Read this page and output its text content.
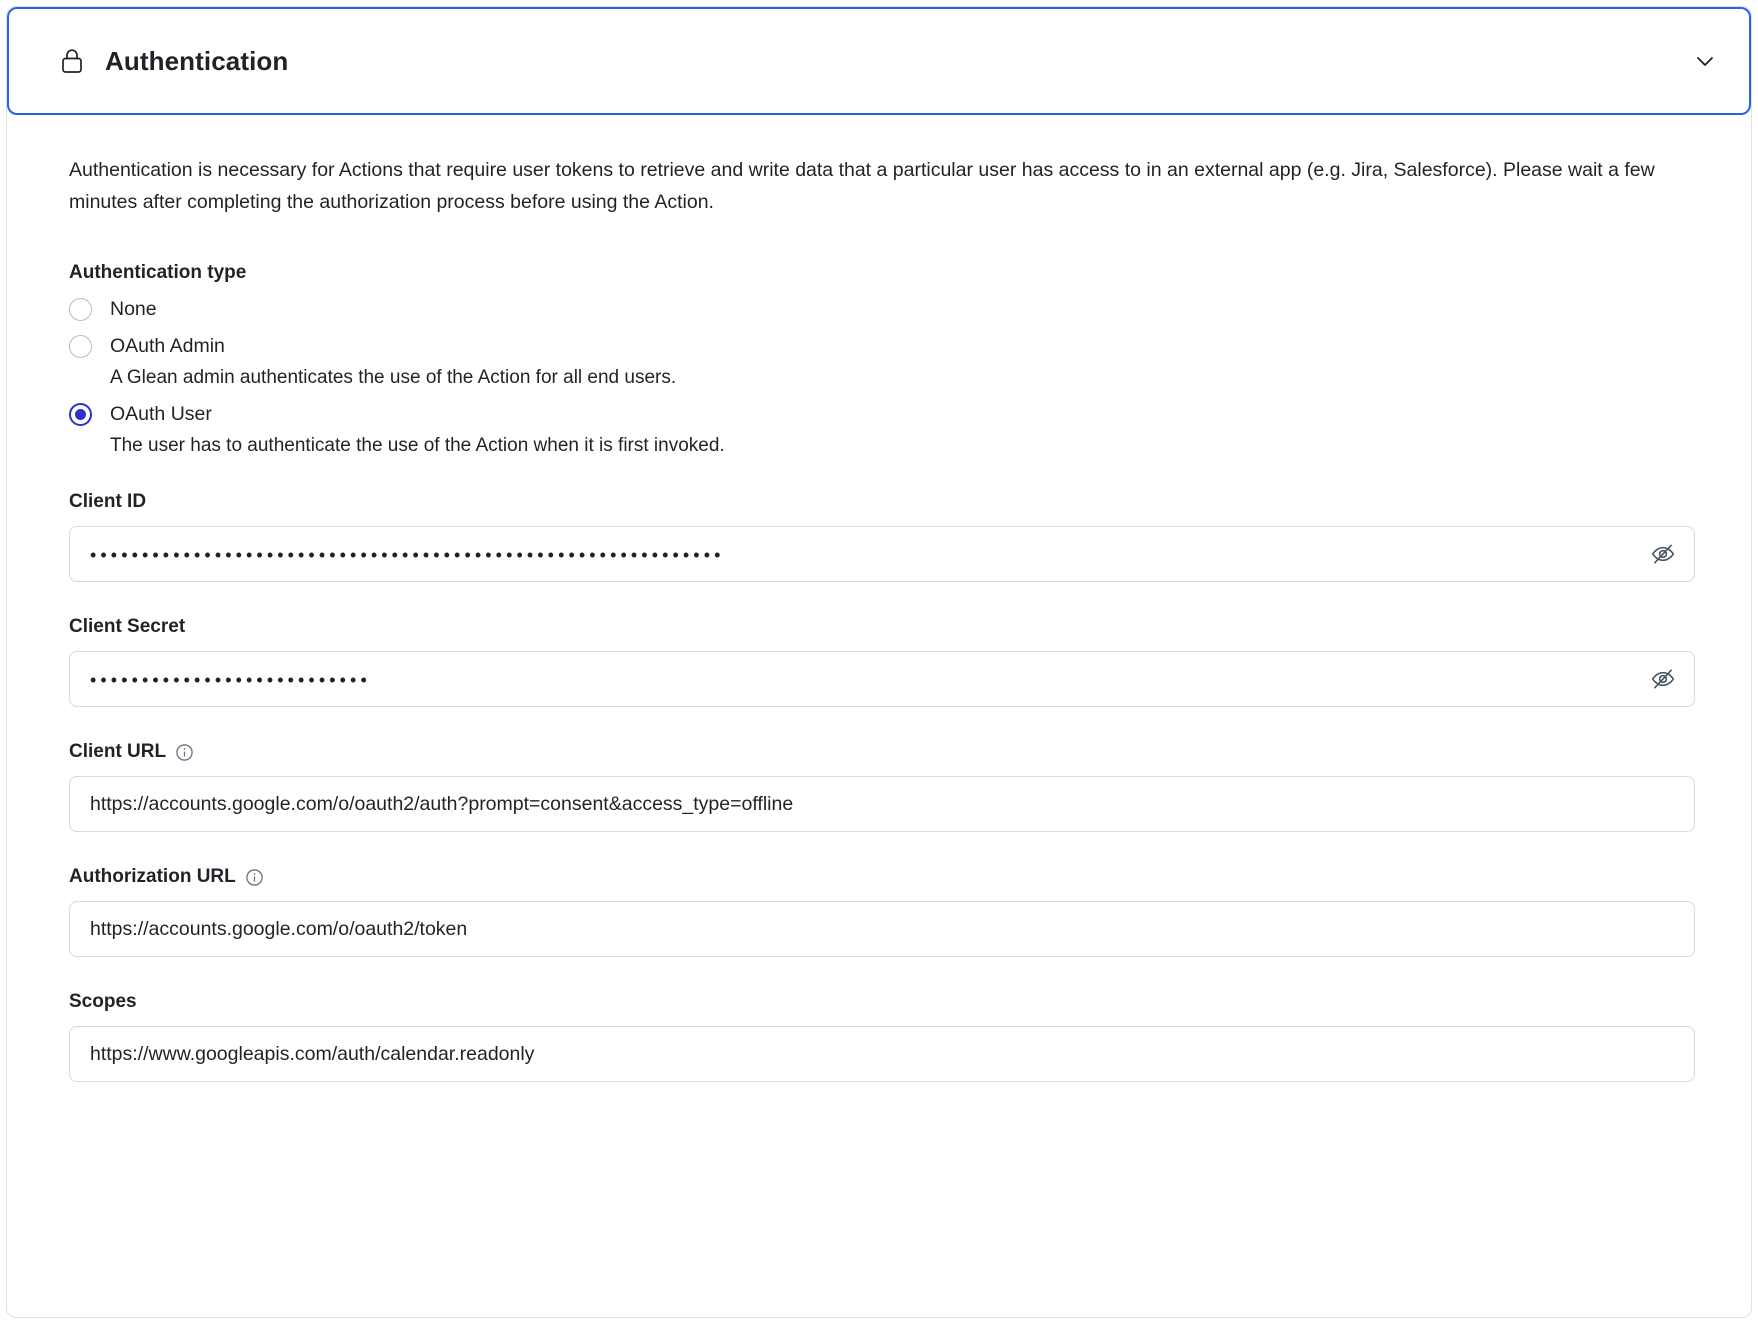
Authentication

Authentication is necessary for Actions that require user tokens to retrieve and write data that a particular user has access to in an external app (e.g. Jira, Salesforce). Please wait a few minutes after completing the authorization process before using the Action.

Authentication type
None
OAuth Admin
A Glean admin authenticates the use of the Action for all end users.
OAuth User
The user has to authenticate the use of the Action when it is first invoked.
Client ID
•••••••••••••••••••••••••••••••••••••••••••••••••••••••••••••
Client Secret
•••••••••••••••••••••••••••
Client URL
https://accounts.google.com/o/oauth2/auth?prompt=consent&access_type=offline
Authorization URL
https://accounts.google.com/o/oauth2/token
Scopes
https://www.googleapis.com/auth/calendar.readonly
